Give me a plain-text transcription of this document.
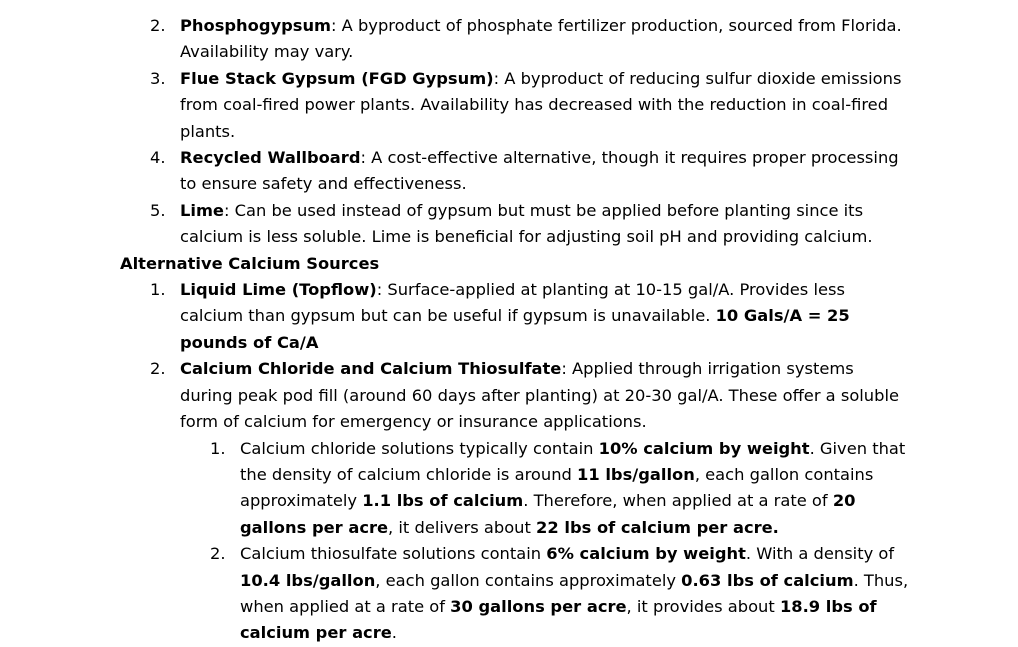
2. Phosphogypsum: A byproduct of phosphate fertilizer production, sourced from Florida. Availability may vary.
3. Flue Stack Gypsum (FGD Gypsum): A byproduct of reducing sulfur dioxide emissions from coal-fired power plants. Availability has decreased with the reduction in coal-fired plants.
4. Recycled Wallboard: A cost-effective alternative, though it requires proper processing to ensure safety and effectiveness.
5. Lime: Can be used instead of gypsum but must be applied before planting since its calcium is less soluble. Lime is beneficial for adjusting soil pH and providing calcium.
Alternative Calcium Sources
1. Liquid Lime (Topflow): Surface-applied at planting at 10-15 gal/A. Provides less calcium than gypsum but can be useful if gypsum is unavailable. 10 Gals/A = 25 pounds of Ca/A
2. Calcium Chloride and Calcium Thiosulfate: Applied through irrigation systems during peak pod fill (around 60 days after planting) at 20-30 gal/A. These offer a soluble form of calcium for emergency or insurance applications.
1. Calcium chloride solutions typically contain 10% calcium by weight. Given that the density of calcium chloride is around 11 lbs/gallon, each gallon contains approximately 1.1 lbs of calcium. Therefore, when applied at a rate of 20 gallons per acre, it delivers about 22 lbs of calcium per acre.
2. Calcium thiosulfate solutions contain 6% calcium by weight. With a density of 10.4 lbs/gallon, each gallon contains approximately 0.63 lbs of calcium. Thus, when applied at a rate of 30 gallons per acre, it provides about 18.9 lbs of calcium per acre.
